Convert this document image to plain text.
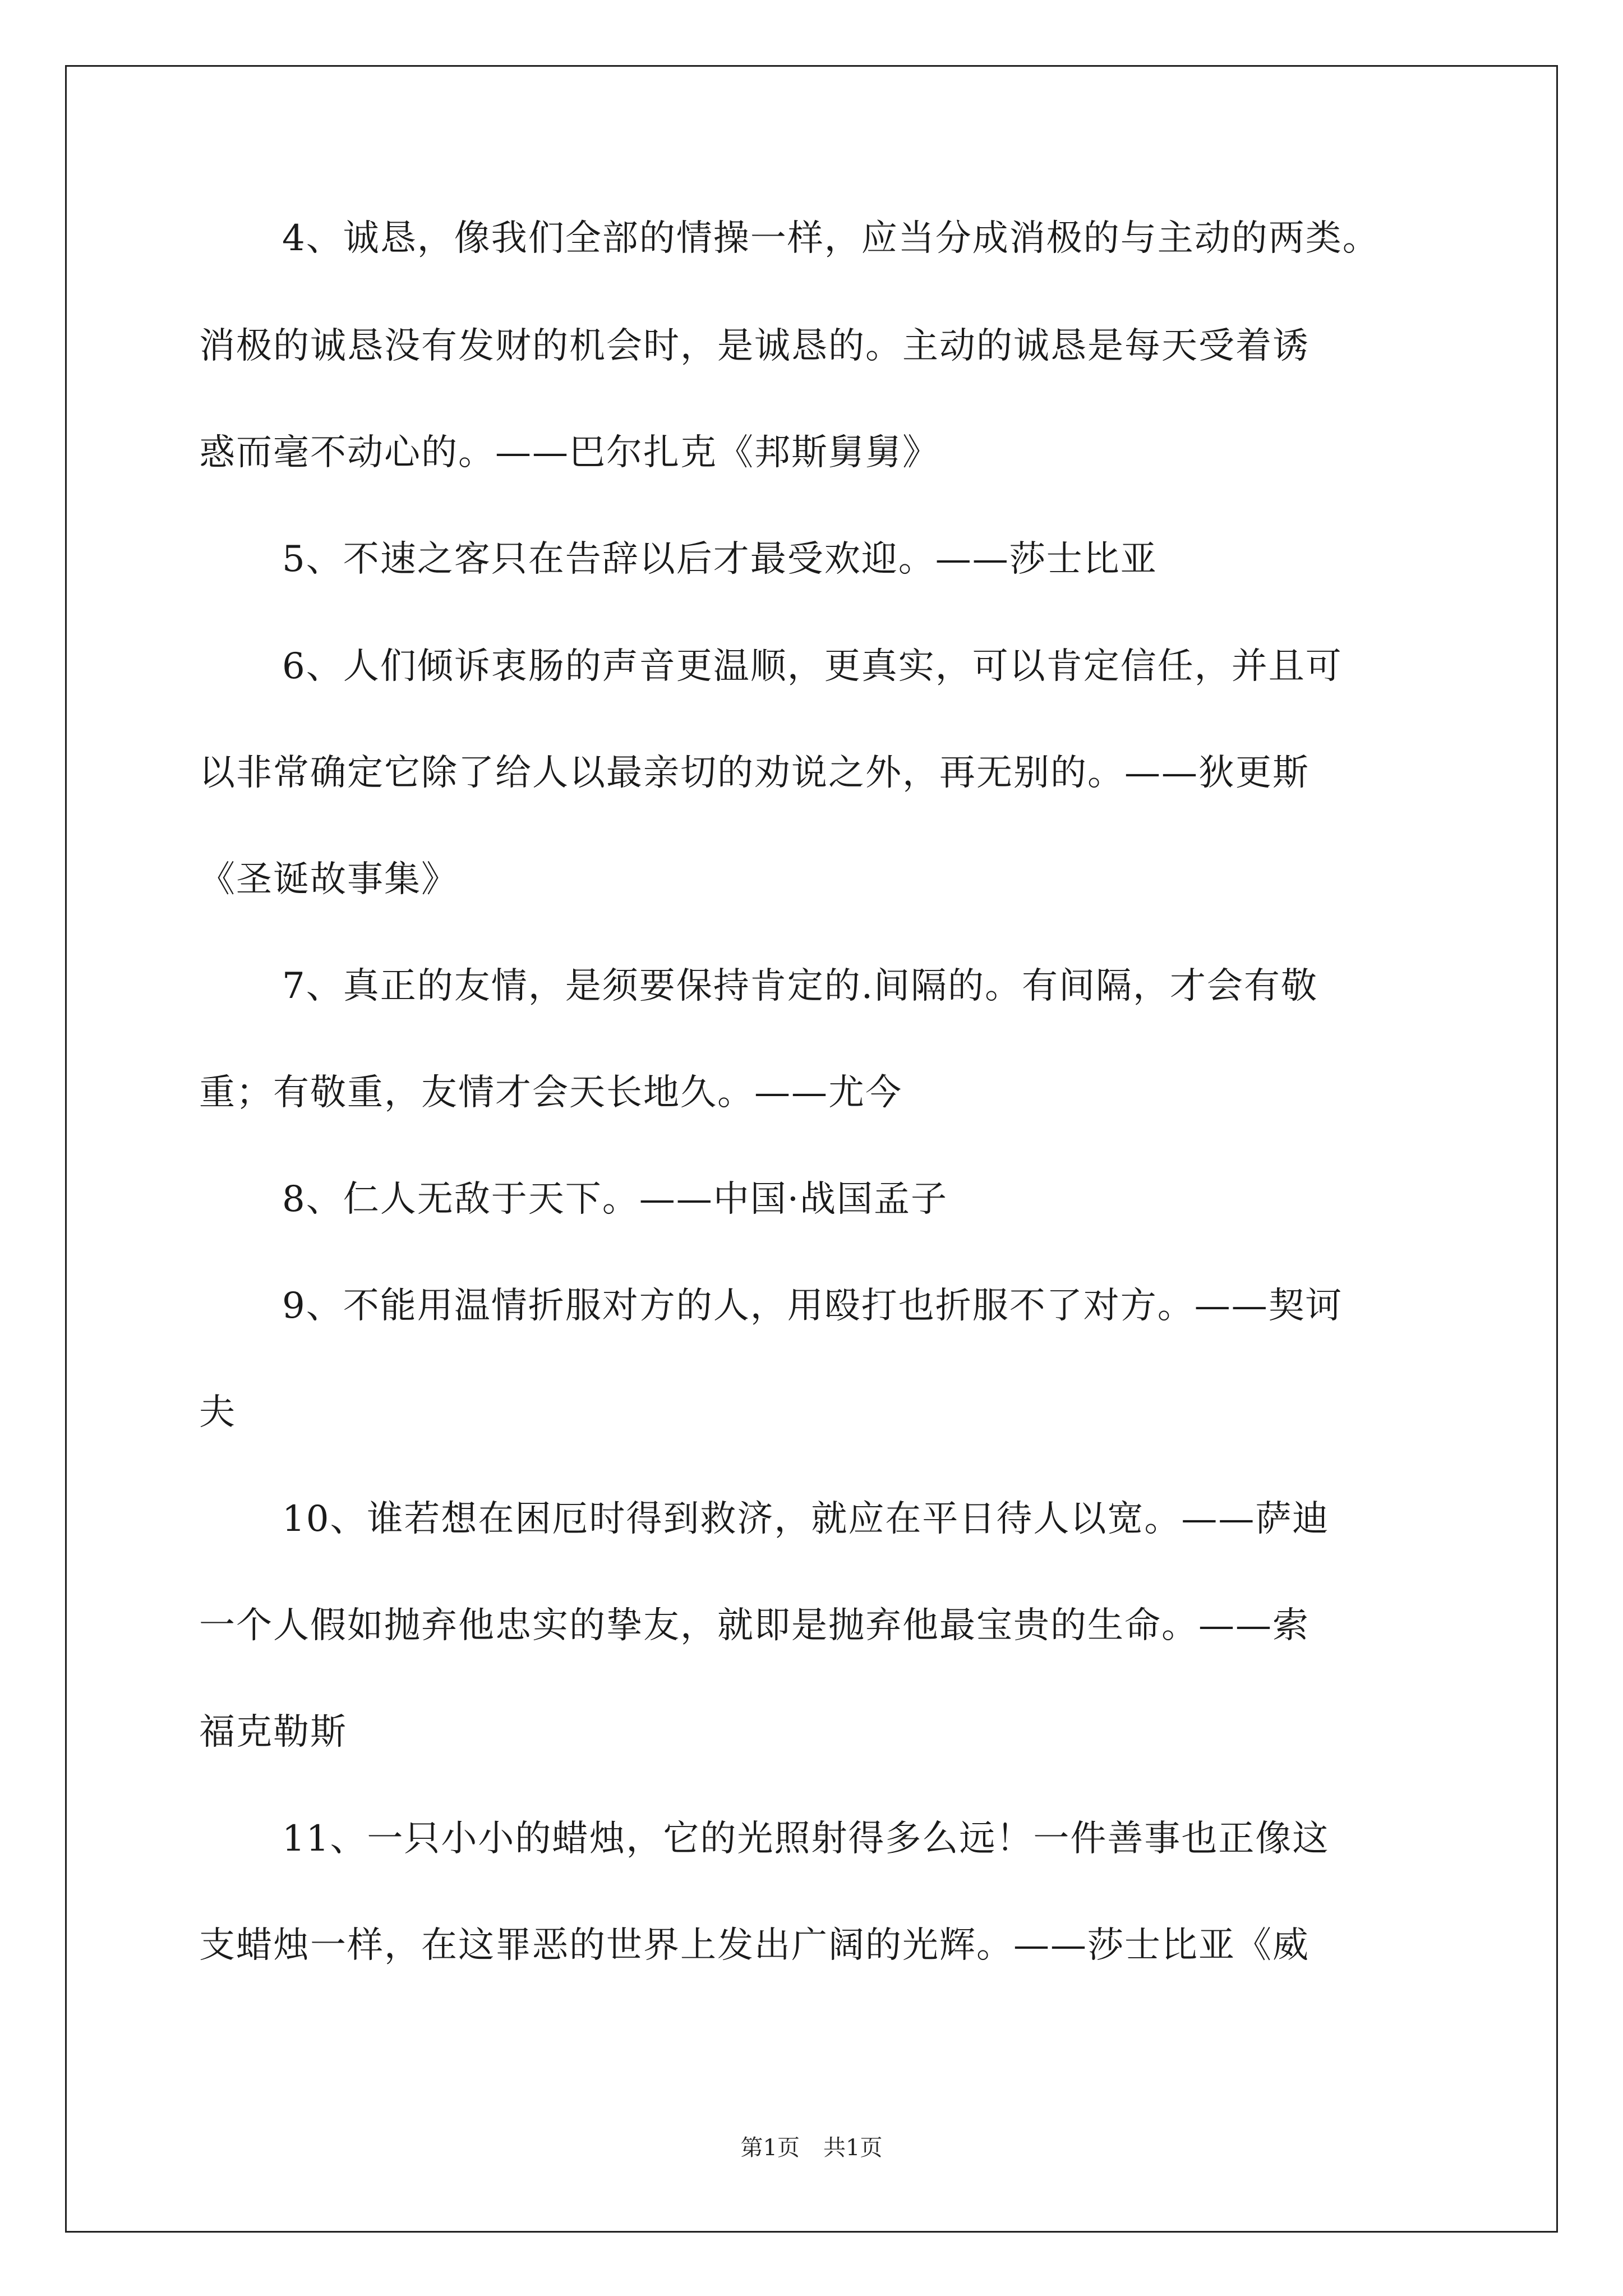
4、诚恳，像我们全部的情操一样，应当分成消极的与主动的两类。
消极的诚恳没有发财的机会时，是诚恳的。主动的诚恳是每天受着诱
惑而毫不动心的。——巴尔扎克《邦斯舅舅》
5、不速之客只在告辞以后才最受欢迎。——莎士比亚
6、人们倾诉衷肠的声音更温顺，更真实，可以肯定信任，并且可
以非常确定它除了给人以最亲切的劝说之外，再无别的。——狄更斯
《圣诞故事集》
7、真正的友情，是须要保持肯定的.间隔的。有间隔，才会有敬
重；有敬重，友情才会天长地久。——尤今
8、仁人无敌于天下。——中国·战国孟子
9、不能用温情折服对方的人，用殴打也折服不了对方。——契诃
夫
10、谁若想在困厄时得到救济，就应在平日待人以宽。——萨迪
一个人假如抛弃他忠实的挚友，就即是抛弃他最宝贵的生命。——索
福克勒斯
11、一只小小的蜡烛，它的光照射得多么远！一件善事也正像这
支蜡烛一样，在这罪恶的世界上发出广阔的光辉。——莎士比亚《威
第1页 共1页
